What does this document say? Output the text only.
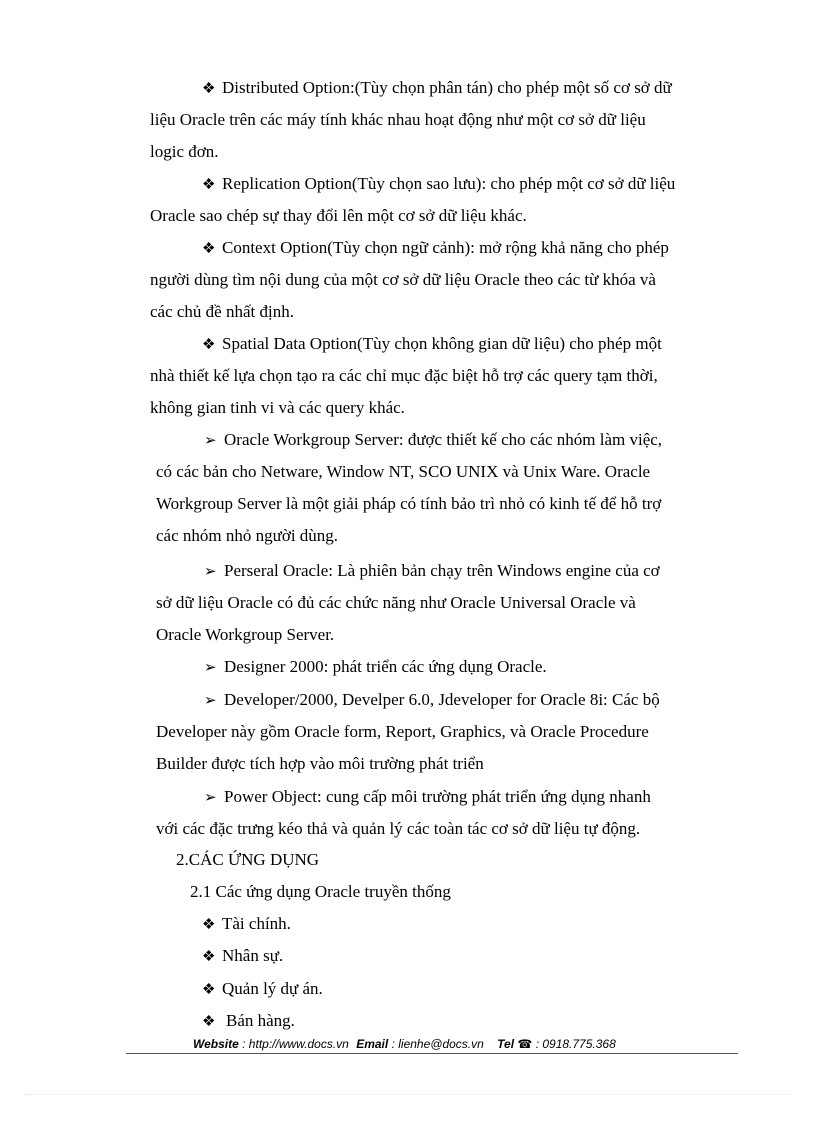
❖ Distributed Option:(Tùy chọn phân tán) cho phép một số cơ sở dữ
liệu Oracle trên các máy tính khác nhau hoạt động như một cơ sở dữ liệu
logic đơn.
❖ Replication Option(Tùy chọn sao lưu): cho phép một cơ sở dữ liệu
Oracle sao chép sự thay đổi lên một cơ sở dữ liệu khác.
❖ Context Option(Tùy chọn ngữ cảnh): mở rộng khả năng cho phép
người dùng tìm nội dung của một cơ sở dữ liệu Oracle theo các từ khóa và
các chủ đề nhất định.
❖ Spatial Data Option(Tùy chọn không gian dữ liệu) cho phép một
nhà thiết kế lựa chọn tạo ra các chỉ mục đặc biệt hỗ trợ các query tạm thời,
không gian tinh vi và các query khác.
➢ Oracle Workgroup Server: được thiết kế cho các nhóm làm việc,
có các bản cho Netware, Window NT, SCO UNIX và Unix Ware. Oracle
Workgroup Server là một giải pháp có tính bảo trì nhỏ có kinh tế để hỗ trợ
các nhóm nhỏ người dùng.
➢ Perseral Oracle: Là phiên bản chạy trên Windows engine của cơ
sở dữ liệu Oracle có đủ các chức năng như Oracle Universal Oracle và
Oracle Workgroup Server.
➢ Designer 2000: phát triển các ứng dụng Oracle.
➢ Developer/2000, Develper 6.0, Jdeveloper for Oracle 8i: Các bộ
Developer này gồm Oracle form, Report, Graphics, và Oracle Procedure
Builder được tích hợp vào môi trường phát triển
➢ Power Object: cung cấp môi trường phát triển ứng dụng nhanh
với các đặc trưng kéo thả và quản lý các toàn tác cơ sở dữ liệu tự động.
2.CÁC ỨNG DỤNG
2.1 Các ứng dụng Oracle truyền thống
❖ Tài chính.
❖ Nhân sự.
❖ Quản lý dự án.
❖ Bán hàng.
Website : http://www.docs.vn Email : lienhe@docs.vn Tel ☎ : 0918.775.368
